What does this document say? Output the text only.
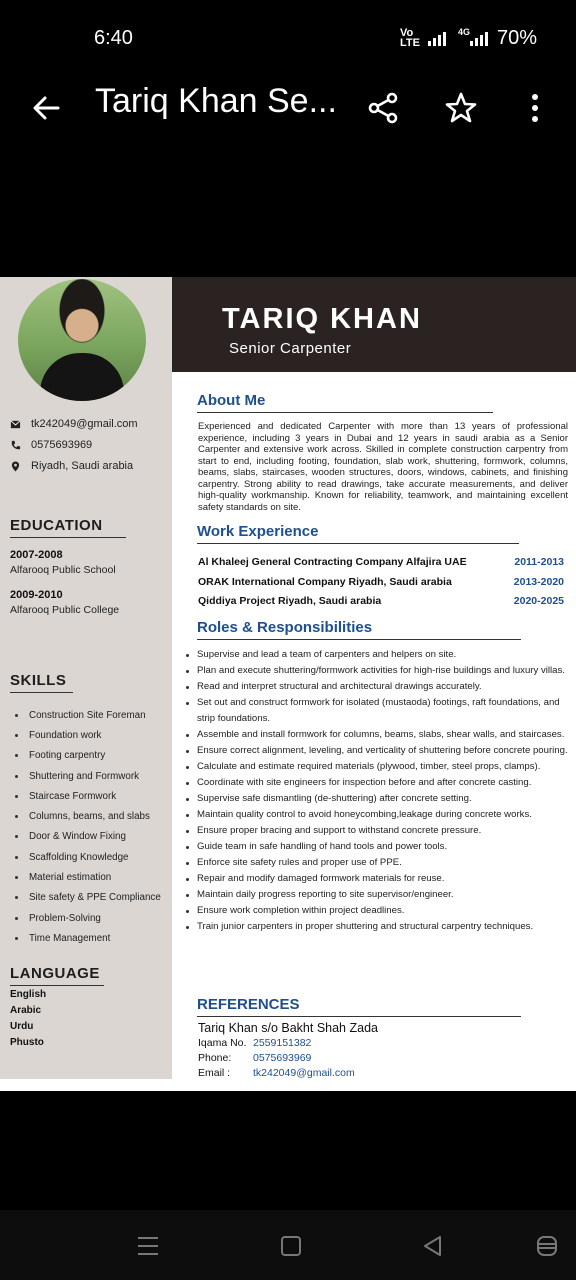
6:40	Vo
LTE
4G 70%
Tariq Khan Se...
tk242049@gmail.com
0575693969
Riyadh, Saudi arabia
EDUCATION
2007-2008
Alfarooq Public School
2009-2010
Alfarooq Public College
SKILLS
Construction Site Foreman
Foundation work
Footing carpentry
Shuttering and Formwork
Staircase Formwork
Columns, beams, and slabs
Door & Window Fixing
Scaffolding Knowledge
Material estimation
Site safety & PPE Compliance
Problem-Solving
Time Management
LANGUAGE
English
Arabic
Urdu
Phusto
TARIQ KHAN
Senior Carpenter
About Me
Experienced and dedicated Carpenter with more than 13 years of professional experience, including 3 years in Dubai and 12 years in saudi arabia as a Senior Carpenter and extensive work across. Skilled in complete construction carpentry from start to end, including footing, foundation, slab work, shuttering, formwork, columns, beams, slabs, staircases, wooden structures, doors, windows, cabinets, and finishing carpentry. Strong ability to read drawings, take accurate measurements, and deliver high-quality workmanship. Known for reliability, teamwork, and maintaining excellent safety standards on site.
Work Experience
Al Khaleej General Contracting Company Alfajira UAE	2011-2013
ORAK International Company Riyadh, Saudi arabia	2013-2020
Qiddiya Project Riyadh, Saudi arabia	2020-2025
Roles & Responsibilities
Supervise and lead a team of carpenters and helpers on site.
Plan and execute shuttering/formwork activities for high-rise buildings and luxury villas.
Read and interpret structural and architectural drawings accurately.
Set out and construct formwork for isolated (mustaoda) footings, raft foundations, and strip foundations.
Assemble and install formwork for columns, beams, slabs, shear walls, and staircases.
Ensure correct alignment, leveling, and verticality of shuttering before concrete pouring.
Calculate and estimate required materials (plywood, timber, steel props, clamps).
Coordinate with site engineers for inspection before and after concrete casting.
Supervise safe dismantling (de-shuttering) after concrete setting.
Maintain quality control to avoid honeycombing,leakage during concrete works.
Ensure proper bracing and support to withstand concrete pressure.
Guide team in safe handling of hand tools and power tools.
Enforce site safety rules and proper use of PPE.
Repair and modify damaged formwork materials for reuse.
Maintain daily progress reporting to site supervisor/engineer.
Ensure work completion within project deadlines.
Train junior carpenters in proper shuttering and structural carpentry techniques.
REFERENCES
Tariq Khan s/o Bakht Shah Zada
Iqama No. 2559151382
Phone: 0575693969
Email : tk242049@gmail.com
